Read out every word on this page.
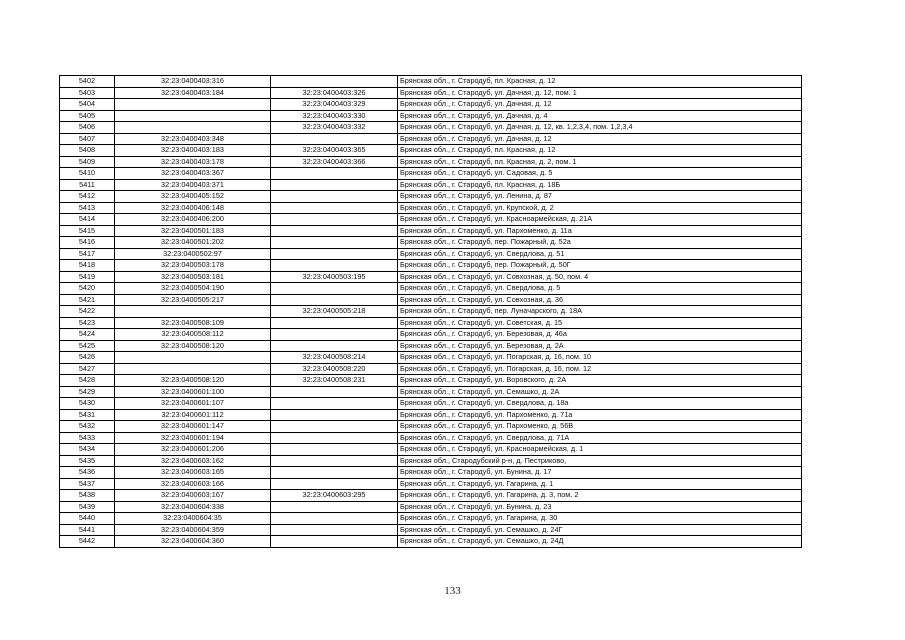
5402	32:23:0400403:316		Брянская обл., г. Стародуб, пл. Красная, д. 12
5403	32:23:0400403:184	32:23:0400403:326	Брянская обл., г. Стародуб, ул. Дачная, д. 12, пом. 1
5404		32:23:0400403:329	Брянская обл., г. Стародуб, ул. Дачная, д. 12
5405		32:23:0400403:330	Брянская обл., г. Стародуб, ул. Дачная, д. 4
5406		32:23:0400403:332	Брянская обл., г. Стародуб, ул. Дачная, д. 12, кв. 1,2,3,4, пом. 1,2,3,4
5407	32:23:0400403:348		Брянская обл., г. Стародуб, ул. Дачная, д. 12
5408	32:23:0400403:183	32:23:0400403:365	Брянская обл., г. Стародуб, пл. Красная, д. 12
5409	32:23:0400403:178	32:23:0400403:366	Брянская обл., г. Стародуб, пл. Красная, д. 2, пом. 1
5410	32:23:0400403:367		Брянская обл., г. Стародуб, ул. Садовая, д. 5
5411	32:23:0400403:371		Брянская обл., г. Стародуб, пл. Красная, д. 18Б
5412	32:23:0400405:152		Брянская обл., г. Стародуб, ул. Ленина, д. 87
5413	32:23:0400406:148		Брянская обл., г. Стародуб, ул. Крупской, д. 2
5414	32:23:0400406:200		Брянская обл., г. Стародуб, ул. Красноармейская, д. 21А
5415	32:23:0400501:183		Брянская обл., г. Стародуб, ул. Пархоменко, д. 11а
5416	32:23:0400501:202		Брянская обл., г. Стародуб, пер. Пожарный, д. 52а
5417	32:23:0400502:97		Брянская обл., г. Стародуб, ул. Свердлова, д. 51
5418	32:23:0400503:178		Брянская обл., г. Стародуб, пер. Пожарный, д. 50Г
5419	32:23:0400503:181	32:23:0400503:195	Брянская обл., г. Стародуб, ул. Совхозная, д. 50, пом. 4
5420	32:23:0400504:190		Брянская обл., г. Стародуб, ул. Свердлова, д. 5
5421	32:23:0400505:217		Брянская обл., г. Стародуб, ул. Совхозная, д. 36
5422		32:23:0400505:218	Брянская обл., г. Стародуб, пер. Луначарского, д. 18А
5423	32:23:0400508:109		Брянская обл., г. Стародуб, ул. Советская, д. 15
5424	32:23:0400508:112		Брянская обл., г. Стародуб, ул. Березовая, д. 46а
5425	32:23:0400508:120		Брянская обл., г. Стародуб, ул. Березовая, д. 2А
5426		32:23:0400508:214	Брянская обл., г. Стародуб, ул. Погарская, д. 16, пом. 10
5427		32:23:0400508:220	Брянская обл., г. Стародуб, ул. Погарская, д. 16, пом. 12
5428	32:23:0400508:120	32:23:0400508:231	Брянская обл., г. Стародуб, ул. Воровского, д. 2А
5429	32:23:0400601:100		Брянская обл., г. Стародуб, ул. Семашко, д. 2А
5430	32:23:0400601:107		Брянская обл., г. Стародуб, ул. Свердлова, д. 18а
5431	32:23:0400601:112		Брянская обл., г. Стародуб, ул. Пархоменко, д. 71а
5432	32:23:0400601:147		Брянская обл., г. Стародуб, ул. Пархоменко, д. 56В
5433	32:23:0400601:194		Брянская обл., г. Стародуб, ул. Свердлова, д. 71А
5434	32:23:0400601:206		Брянская обл., г. Стародуб, ул. Красноармейская, д. 1
5435	32:23:0400603:162		Брянская обл., Стародубский р-н, д. Пестриково,
5436	32:23:0400603:165		Брянская обл., г. Стародуб, ул. Бунина, д. 17
5437	32:23:0400603:166		Брянская обл., г. Стародуб, ул. Гагарина, д. 1
5438	32:23:0400603:167	32:23:0400603:295	Брянская обл., г. Стародуб, ул. Гагарина, д. 3, пом. 2
5439	32:23:0400604:338		Брянская обл., г. Стародуб, ул. Бунина, д. 23
5440	32:23:0400604:35		Брянская обл., г. Стародуб, ул. Гагарина, д. 30
5441	32:23:0400604:359		Брянская обл., г. Стародуб, ул. Семашко, д. 24Г
5442	32:23:0400604:360		Брянская обл., г. Стародуб, ул. Семашко, д. 24Д
133
